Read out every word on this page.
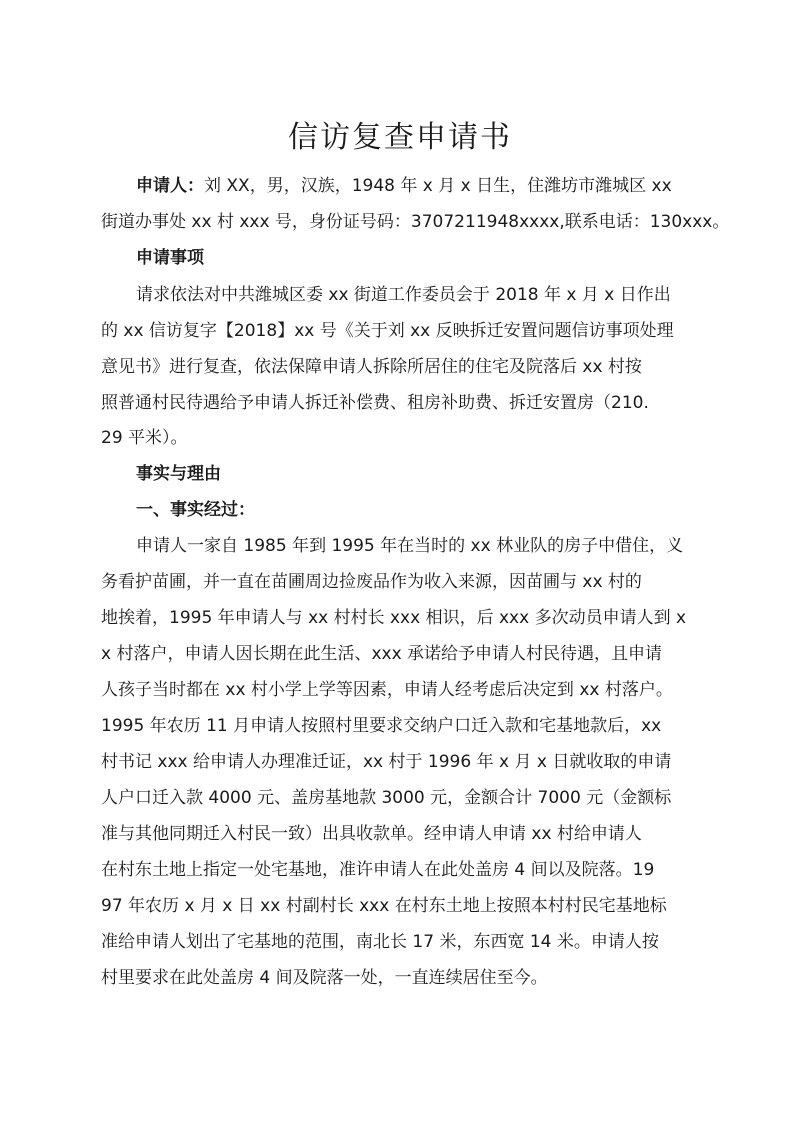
信访复查申请书
申请人：刘 XX，男，汉族，1948 年 x 月 x 日生，住潍坊市潍城区 xx
街道办事处 xx 村 xxx 号，身份证号码：3707211948xxxx,联系电话：130xxx。
申请事项
请求依法对中共潍城区委 xx 街道工作委员会于 2018 年 x 月 x 日作出
的 xx 信访复字【2018】xx 号《关于刘 xx 反映拆迁安置问题信访事项处理
意见书》进行复查，依法保障申请人拆除所居住的住宅及院落后 xx 村按
照普通村民待遇给予申请人拆迁补偿费、租房补助费、拆迁安置房（210.
29 平米）。
事实与理由
一、事实经过：
申请人一家自 1985 年到 1995 年在当时的 xx 林业队的房子中借住，义
务看护苗圃，并一直在苗圃周边捡废品作为收入来源，因苗圃与 xx 村的
地挨着，1995 年申请人与 xx 村村长 xxx 相识，后 xxx 多次动员申请人到 x
x 村落户，申请人因长期在此生活、xxx 承诺给予申请人村民待遇，且申请
人孩子当时都在 xx 村小学上学等因素，申请人经考虑后决定到 xx 村落户。
1995 年农历 11 月申请人按照村里要求交纳户口迁入款和宅基地款后，xx
村书记 xxx 给申请人办理准迁证，xx 村于 1996 年 x 月 x 日就收取的申请
人户口迁入款 4000 元、盖房基地款 3000 元，金额合计 7000 元（金额标
准与其他同期迁入村民一致）出具收款单。经申请人申请 xx 村给申请人
在村东土地上指定一处宅基地，准许申请人在此处盖房 4 间以及院落。19
97 年农历 x 月 x 日 xx 村副村长 xxx 在村东土地上按照本村村民宅基地标
准给申请人划出了宅基地的范围，南北长 17 米，东西宽 14 米。申请人按
村里要求在此处盖房 4 间及院落一处，一直连续居住至今。
